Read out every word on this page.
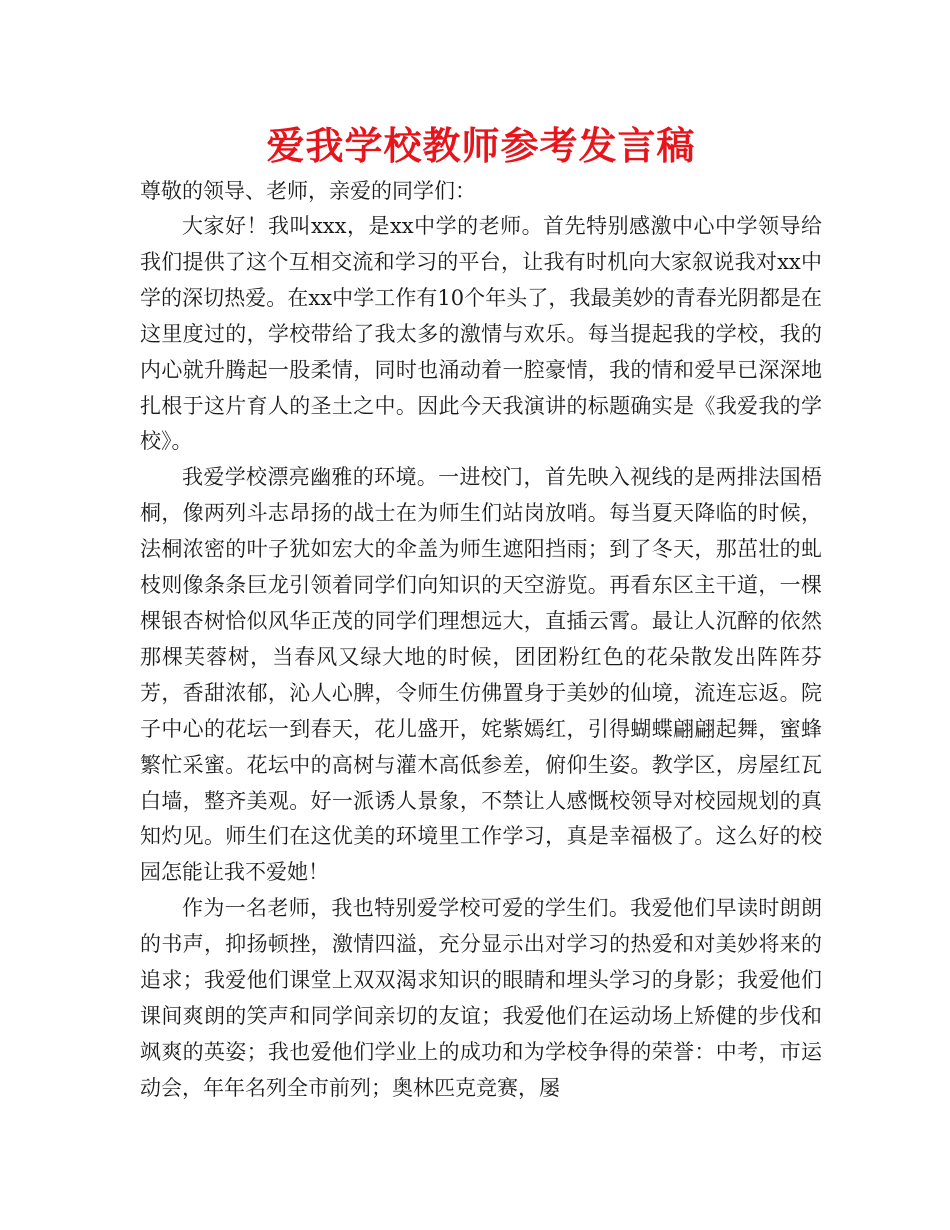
爱我学校教师参考发言稿

尊敬的领导、老师，亲爱的同学们：

大家好！我叫xxx，是xx中学的老师。首先特别感激中心中学领导给我们提供了这个互相交流和学习的平台，让我有时机向大家叙说我对xx中学的深切热爱。在xx中学工作有10个年头了，我最美妙的青春光阴都是在这里度过的，学校带给了我太多的激情与欢乐。每当提起我的学校，我的内心就升腾起一股柔情，同时也涌动着一腔豪情，我的情和爱早已深深地扎根于这片育人的圣土之中。因此今天我演讲的标题确实是《我爱我的学校》。

我爱学校漂亮幽雅的环境。一进校门，首先映入视线的是两排法国梧桐，像两列斗志昂扬的战士在为师生们站岗放哨。每当夏天降临的时候，法桐浓密的叶子犹如宏大的伞盖为师生遮阳挡雨；到了冬天，那茁壮的虬枝则像条条巨龙引领着同学们向知识的天空游览。再看东区主干道，一棵棵银杏树恰似风华正茂的同学们理想远大，直插云霄。最让人沉醉的依然那棵芙蓉树，当春风又绿大地的时候，团团粉红色的花朵散发出阵阵芬芳，香甜浓郁，沁人心脾，令师生仿佛置身于美妙的仙境，流连忘返。院子中心的花坛一到春天，花儿盛开，姹紫嫣红，引得蝴蝶翩翩起舞，蜜蜂繁忙采蜜。花坛中的高树与灌木高低参差，俯仰生姿。教学区，房屋红瓦白墙，整齐美观。好一派诱人景象，不禁让人感慨校领导对校园规划的真知灼见。师生们在这优美的环境里工作学习，真是幸福极了。这么好的校园怎能让我不爱她！

作为一名老师，我也特别爱学校可爱的学生们。我爱他们早读时朗朗的书声，抑扬顿挫，激情四溢，充分显示出对学习的热爱和对美妙将来的追求；我爱他们课堂上双双渴求知识的眼睛和埋头学习的身影；我爱他们课间爽朗的笑声和同学间亲切的友谊；我爱他们在运动场上矫健的步伐和飒爽的英姿；我也爱他们学业上的成功和为学校争得的荣誉：中考，市运动会，年年名列全市前列；奥林匹克竞赛，屡
